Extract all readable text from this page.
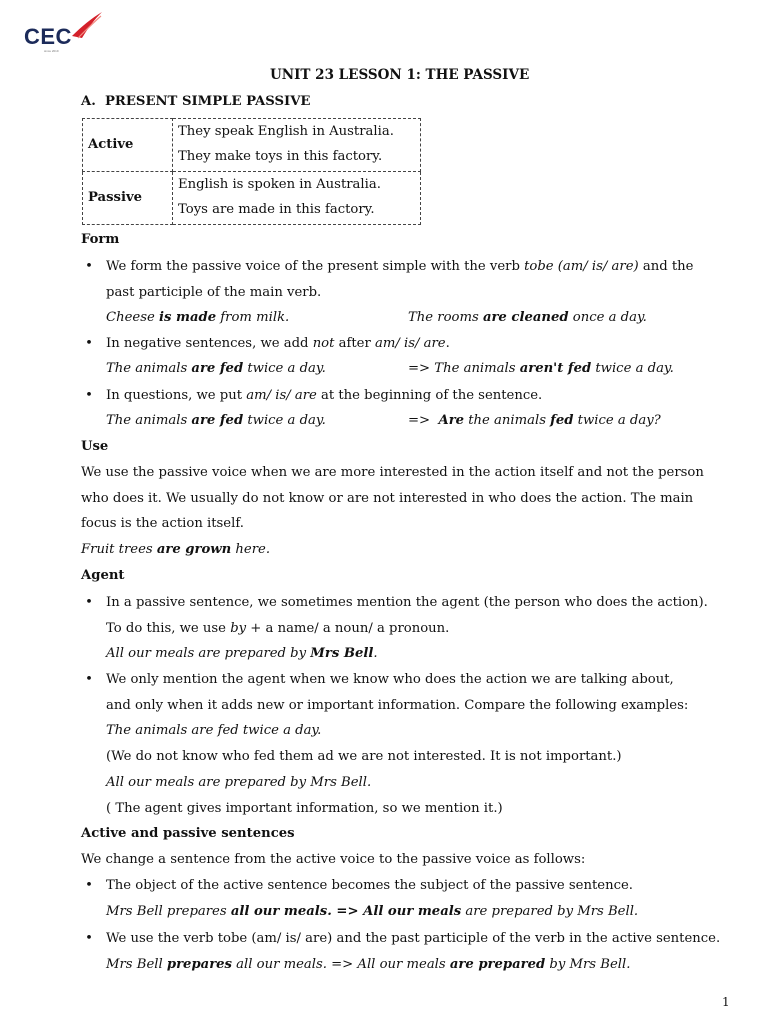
CEC
since 2019
UNIT 23 LESSON 1: THE PASSIVE
A.  PRESENT SIMPLE PASSIVE
Active	They speak English in Australia.
They make toys in this factory.

Passive	English is spoken in Australia.
Toys are made in this factory.
Form
• We form the passive voice of the present simple with the verb tobe (am/ is/ are) and the
past participle of the main verb.
Cheese is made from milk.	The rooms are cleaned once a day.
• In negative sentences, we add not after am/ is/ are.
The animals are fed twice a day.	=> The animals aren't fed twice a day.
• In questions, we put am/ is/ are at the beginning of the sentence.
The animals are fed twice a day.	=>  Are the animals fed twice a day?
Use
We use the passive voice when we are more interested in the action itself and not the person
who does it. We usually do not know or are not interested in who does the action. The main
focus is the action itself.
Fruit trees are grown here.
Agent
• In a passive sentence, we sometimes mention the agent (the person who does the action).
To do this, we use by + a name/ a noun/ a pronoun.
All our meals are prepared by Mrs Bell.
• We only mention the agent when we know who does the action we are talking about,
and only when it adds new or important information. Compare the following examples:
The animals are fed twice a day.
(We do not know who fed them ad we are not interested. It is not important.)
All our meals are prepared by Mrs Bell.
( The agent gives important information, so we mention it.)
Active and passive sentences
We change a sentence from the active voice to the passive voice as follows:
• The object of the active sentence becomes the subject of the passive sentence.
Mrs Bell prepares all our meals. => All our meals are prepared by Mrs Bell.
• We use the verb tobe (am/ is/ are) and the past participle of the verb in the active sentence.
Mrs Bell prepares all our meals. => All our meals are prepared by Mrs Bell.
1
